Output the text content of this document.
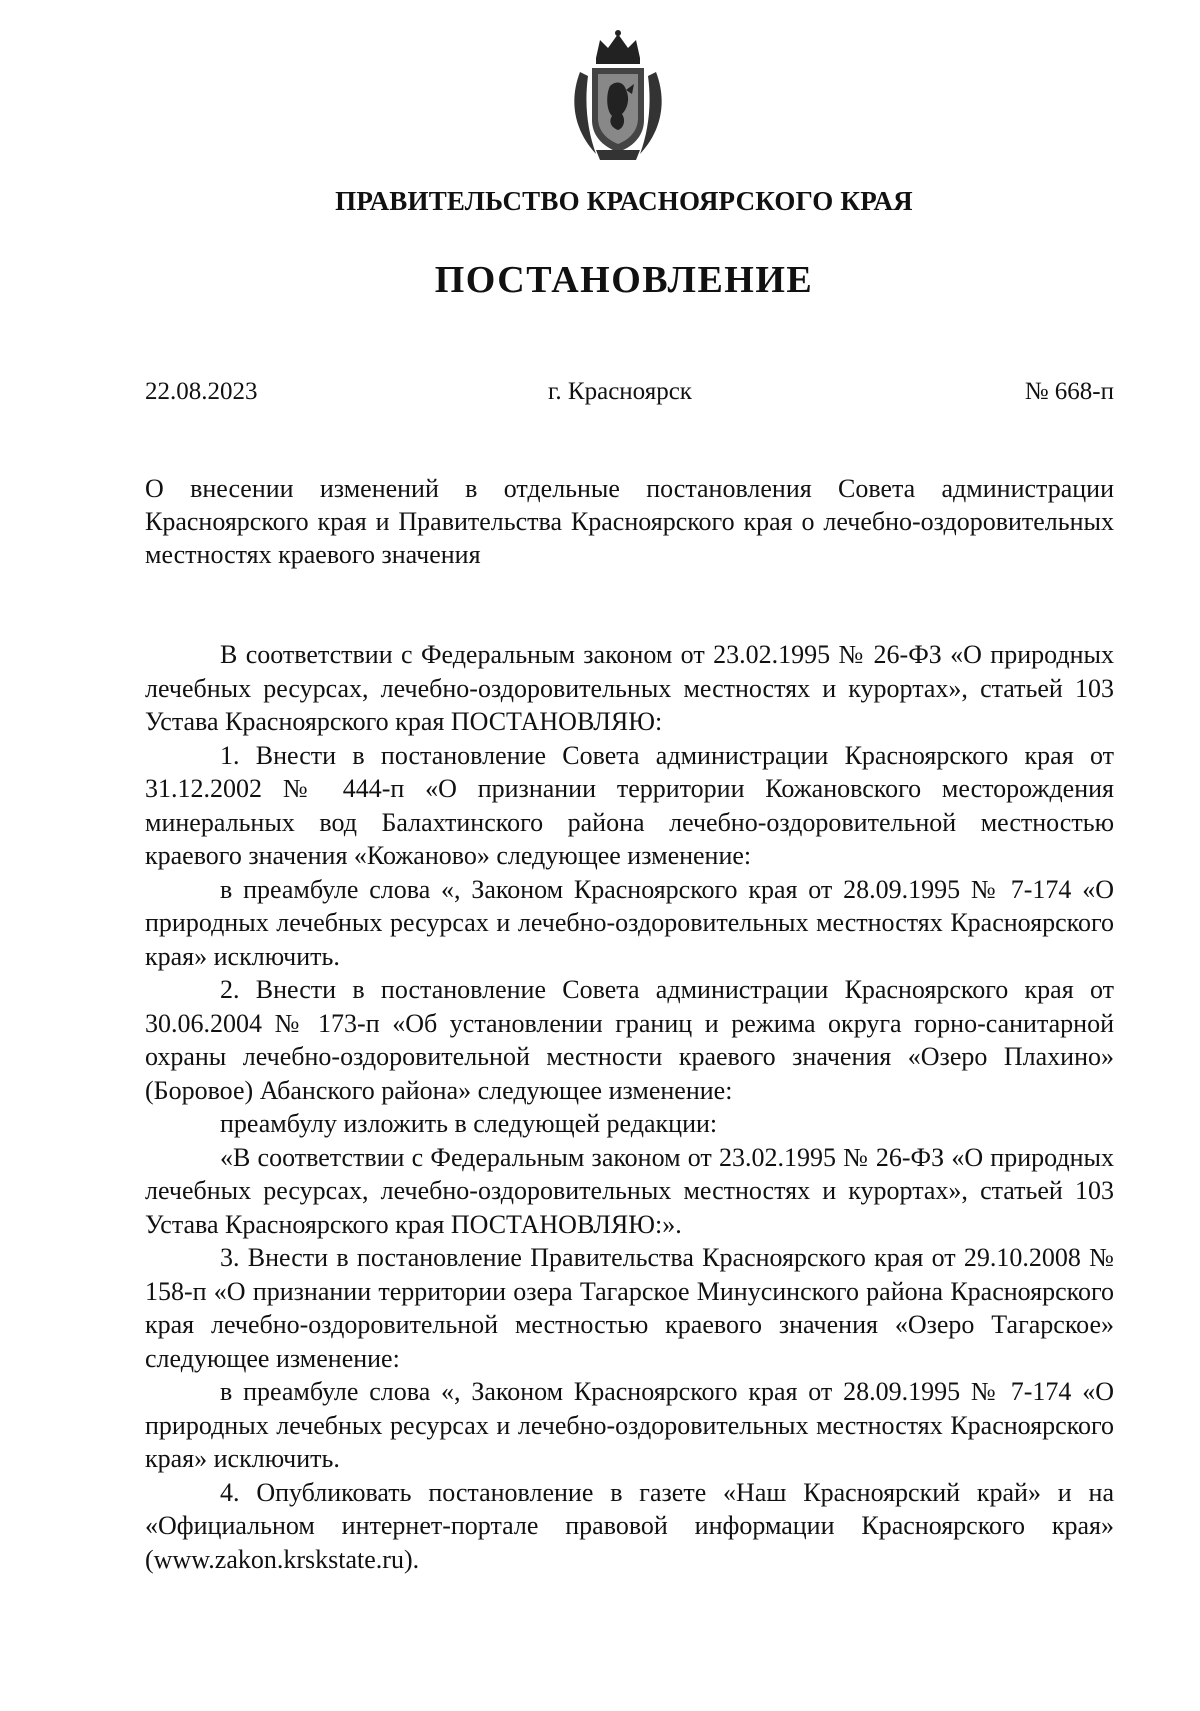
ПРАВИТЕЛЬСТВО КРАСНОЯРСКОГО КРАЯ
ПОСТАНОВЛЕНИЕ
22.08.2023	г. Красноярск	№ 668-п
О внесении изменений в отдельные постановления Совета администрации Красноярского края и Правительства Красноярского края о лечебно-оздоровительных местностях краевого значения

В соответствии с Федеральным законом от 23.02.1995 № 26-ФЗ «О природных лечебных ресурсах, лечебно-оздоровительных местностях и курортах», статьей 103 Устава Красноярского края ПОСТАНОВЛЯЮ:

1. Внести в постановление Совета администрации Красноярского края от 31.12.2002 № 444-п «О признании территории Кожановского месторождения минеральных вод Балахтинского района лечебно-оздоровительной местностью краевого значения «Кожаново» следующее изменение:

в преамбуле слова «, Законом Красноярского края от 28.09.1995 № 7-174 «О природных лечебных ресурсах и лечебно-оздоровительных местностях Красноярского края» исключить.

2. Внести в постановление Совета администрации Красноярского края от 30.06.2004 № 173-п «Об установлении границ и режима округа горно-санитарной охраны лечебно-оздоровительной местности краевого значения «Озеро Плахино» (Боровое) Абанского района» следующее изменение:

преамбулу изложить в следующей редакции:

«В соответствии с Федеральным законом от 23.02.1995 № 26-ФЗ «О природных лечебных ресурсах, лечебно-оздоровительных местностях и курортах», статьей 103 Устава Красноярского края ПОСТАНОВЛЯЮ:».

3. Внести в постановление Правительства Красноярского края от 29.10.2008 № 158-п «О признании территории озера Тагарское Минусинского района Красноярского края лечебно-оздоровительной местностью краевого значения «Озеро Тагарское» следующее изменение:

в преамбуле слова «, Законом Красноярского края от 28.09.1995 № 7-174 «О природных лечебных ресурсах и лечебно-оздоровительных местностях Красноярского края» исключить.

4. Опубликовать постановление в газете «Наш Красноярский край» и на «Официальном интернет-портале правовой информации Красноярского края» (www.zakon.krskstate.ru).
